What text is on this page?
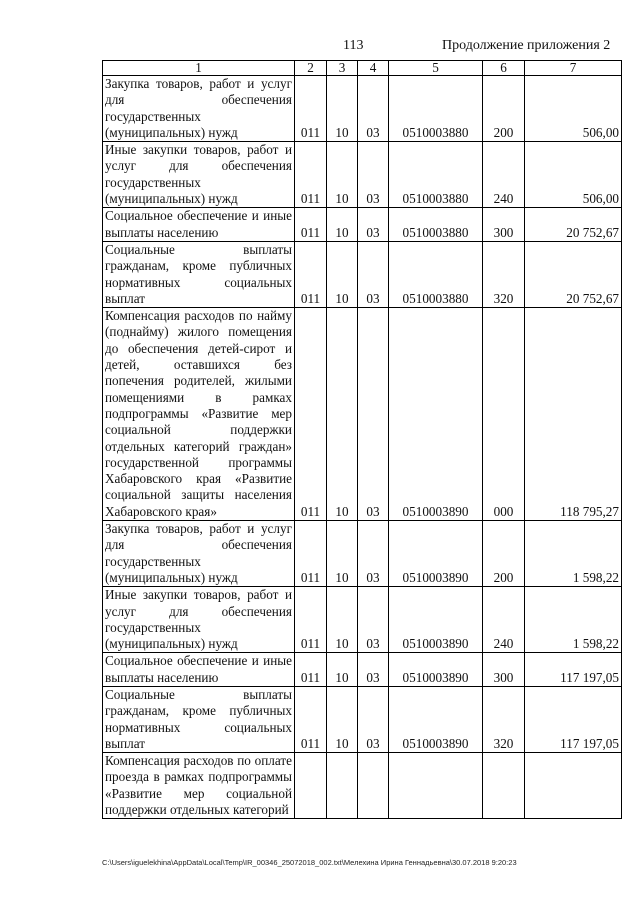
113	Продолжение приложения 2
1	2	3	4	5	6	7
Закупка товаров, работ и услуг для обеспечения государственных (муниципальных) нужд	011	10	03	0510003880	200	506,00
Иные закупки товаров, работ и услуг для обеспечения государственных (муниципальных) нужд	011	10	03	0510003880	240	506,00
Социальное обеспечение и иные выплаты населению	011	10	03	0510003880	300	20 752,67
Социальные выплаты гражданам, кроме публичных нормативных социальных выплат	011	10	03	0510003880	320	20 752,67
Компенсация расходов по найму (поднайму) жилого помещения до обеспечения детей-сирот и детей, оставшихся без попечения родителей, жилыми помещениями в рамках подпрограммы «Развитие мер социальной поддержки отдельных категорий граждан» государственной программы Хабаровского края «Развитие социальной защиты населения Хабаровского края»	011	10	03	0510003890	000	118 795,27
Закупка товаров, работ и услуг для обеспечения государственных (муниципальных) нужд	011	10	03	0510003890	200	1 598,22
Иные закупки товаров, работ и услуг для обеспечения государственных (муниципальных) нужд	011	10	03	0510003890	240	1 598,22
Социальное обеспечение и иные выплаты населению	011	10	03	0510003890	300	117 197,05
Социальные выплаты гражданам, кроме публичных нормативных социальных выплат	011	10	03	0510003890	320	117 197,05
Компенсация расходов по оплате проезда в рамках подпрограммы «Развитие мер социальной поддержки отдельных категорий						
C:\Users\iguelekhina\AppData\Local\Temp\IR_00346_25072018_002.txt\Мелехина Ирина Геннадьевна\30.07.2018 9:20:23
